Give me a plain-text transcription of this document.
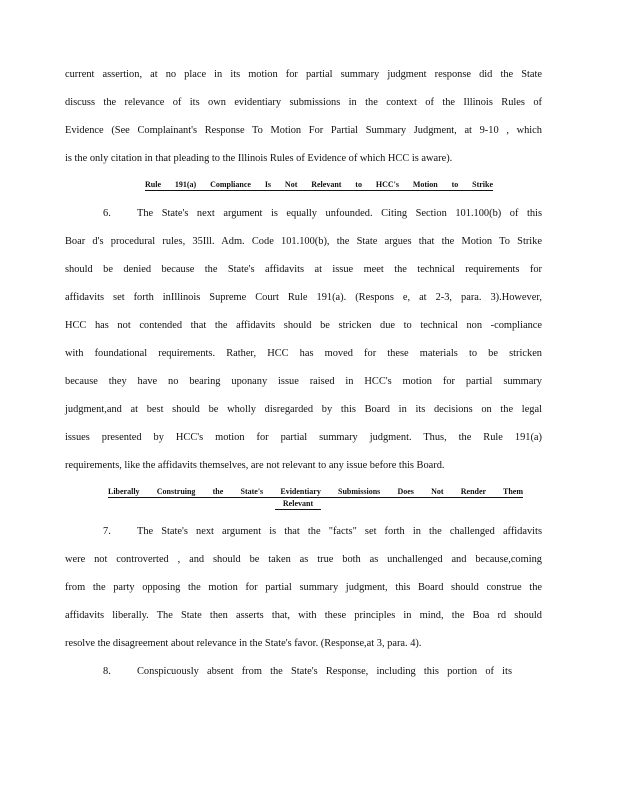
current assertion, at no place in its motion for partial summary judgment response did the State
discuss the relevance of its own evidentiary submissions in the context of the Illinois Rules of
Evidence (See Complainant's Response To Motion For Partial Summary Judgment, at 9-10 , which
is the only citation in that pleading to the Illinois Rules of Evidence of which HCC is aware).
Rule 191(a) Compliance Is Not Relevant to HCC's Motion to Strike
6.	The State's next argument is equally unfounded. Citing Section 101.100(b) of this
Boar d's procedural rules, 35Ill. Adm. Code 101.100(b), the State argues that the Motion To Strike
should be denied because the State's affidavits at issue meet the technical requirements for
affidavits set forth inIllinois Supreme Court Rule 191(a). (Respons e, at 2-3, para. 3).However,
HCC has not contended that the affidavits should be stricken due to technical non -compliance
with foundational requirements. Rather, HCC has moved for these materials to be stricken
because they have no bearing uponany issue raised in HCC's motion for partial summary
judgment,and at best should be wholly disregarded by this Board in its decisions on the legal
issues presented by HCC's motion for partial summary judgment. Thus, the Rule 191(a)
requirements, like the affidavits themselves, are not relevant to any issue before this Board.
Liberally Construing the State's Evidentiary Submissions Does Not Render Them
Relevant
7.	The State's next argument is that the "facts" set forth in the challenged affidavits
were not controverted , and should be taken as true both as unchallenged and because,coming
from the party opposing the motion for partial summary judgment, this Board should construe the
affidavits liberally. The State then asserts that, with these principles in mind, the Boa rd should
resolve the disagreement about relevance in the State's favor. (Response,at 3, para. 4).
8.	Conspicuously absent from the State's Response, including this portion of its
